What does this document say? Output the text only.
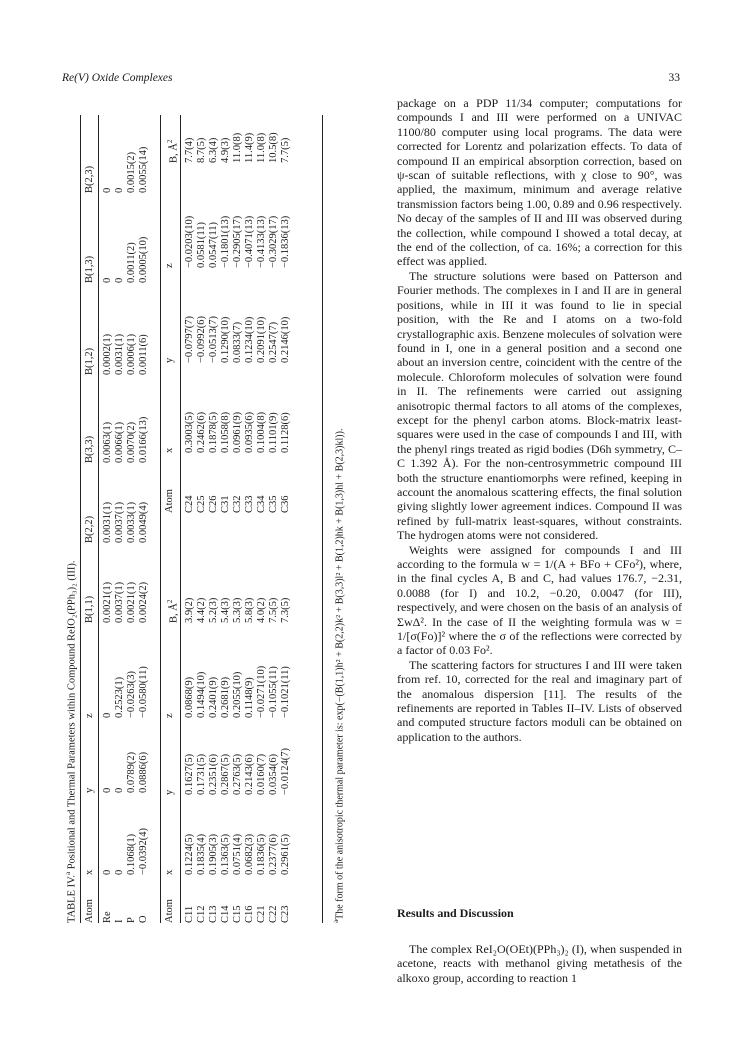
Re(V) Oxide Complexes	33
TABLE IV.$^a$ Positional and Thermal Parameters within Compound ReIO₂(PPh₃)₂ (III).
Atom
x
y
z
B(1,1)
B(2,2)
B(3,3)
B(1,2)
B(1,3)
B(2,3)
Re I P O
0 0 0.1068(1) −0.0392(4)
0 0 0.0789(2) 0.0886(6)
0 0.2523(1) −0.0263(3) −0.0580(11)
0.0021(1) 0.0037(1) 0.0021(1) 0.0024(2)
0.0031(1) 0.0037(1) 0.0033(1) 0.0049(4)
0.0063(1) 0.0066(1) 0.0070(2) 0.0166(13)
0.0002(1) 0.0031(1) 0.0006(1) 0.0011(6)
0 0 0.0011(2) 0.0005(10)
0 0 0.0015(2) 0.0055(14)
Atom
x
y
z
B, $Å^2$
Atom
x
y
z
B, $Å^2$
C11 C12 C13 C14 C15 C16 C21 C22 C23
0.1224(5) 0.1835(4) 0.1905(3) 0.1363(5) 0.0751(4) 0.0682(3) 0.1836(5) 0.2377(6) 0.2961(5)
0.1627(5) 0.1731(5) 0.2351(6) 0.2867(5) 0.2763(5) 0.2143(6) 0.0160(7) 0.0354(6) −0.0124(7)
0.0868(9) 0.1494(10) 0.2401(9) 0.2681(9) 0.2055(10) 0.1148(9) −0.0271(10) −0.1055(11) −0.1021(11)
3.9(2) 4.4(2) 5.2(3) 5.4(3) 5.3(3) 5.8(3) 4.0(2) 7.5(5) 7.3(5)
C24 C25 C26 C31 C32 C33 C34 C35 C36
0.3003(5) 0.2462(6) 0.1878(5) 0.1058(8) 0.0961(9) 0.0935(6) 0.1004(8) 0.1101(9) 0.1128(6)
−0.0797(7) −0.0992(6) −0.0513(7) 0.1290(10) 0.0833(7) 0.1234(10) 0.2091(10) 0.2547(7) 0.2146(10)
−0.0203(10) 0.0581(11) 0.0547(11) −0.1801(13) −0.2905(17) −0.4071(13) −0.4133(13) −0.3029(17) −0.1836(13)
7.7(4) 8.7(5) 6.3(4) 4.9(3) 11.0(8) 11.4(9) 11.0(8) 10.5(8) 7.7(5)
$^a$The form of the anisotropic thermal parameter is: exp(−(B(1,1)h² + B(2,2)k² + B(3,3)l² + B(1,2)hk + B(1,3)hl + B(2,3)kl)).

package on a PDP 11/34 computer; computations for compounds I and III were performed on a UNIVAC 1100/80 computer using local programs. The data were corrected for Lorentz and polarization effects. To data of compound II an empirical absorption correction, based on ψ-scan of suitable reflections, with χ close to 90°, was applied, the maximum, minimum and average relative transmission factors being 1.00, 0.89 and 0.96 respectively. No decay of the samples of II and III was observed during the collection, while compound I showed a total decay, at the end of the collection, of ca. 16%; a correction for this effect was applied.

The structure solutions were based on Patterson and Fourier methods. The complexes in I and II are in general positions, while in III it was found to lie in special position, with the Re and I atoms on a two-fold crystallographic axis. Benzene molecules of solvation were found in I, one in a general position and a second one about an inversion centre, coincident with the centre of the molecule. Chloroform molecules of solvation were found in II. The refinements were carried out assigning anisotropic thermal factors to all atoms of the complexes, except for the phenyl carbon atoms. Block-matrix least-squares were used in the case of compounds I and III, with the phenyl rings treated as rigid bodies (D6h symmetry, C–C 1.392 Å). For the non-centrosymmetric compound III both the structure enantiomorphs were refined, keeping in account the anomalous scattering effects, the final solution giving slightly lower agreement indices. Compound II was refined by full-matrix least-squares, without constraints. The hydrogen atoms were not considered.

Weights were assigned for compounds I and III according to the formula w = 1/(A + BFo + CFo²), where, in the final cycles A, B and C, had values 176.7, −2.31, 0.0088 (for I) and 10.2, −0.20, 0.0047 (for III), respectively, and were chosen on the basis of an analysis of ΣwΔ². In the case of II the weighting formula was w = 1/[σ(Fo)]² where the σ of the reflections were corrected by a factor of 0.03 Fo².

The scattering factors for structures I and III were taken from ref. 10, corrected for the real and imaginary part of the anomalous dispersion [11]. The results of the refinements are reported in Tables II–IV. Lists of observed and computed structure factors moduli can be obtained on application to the authors.

Results and Discussion

The complex ReI₂O(OEt)(PPh₃)₂ (I), when suspended in acetone, reacts with methanol giving metathesis of the alkoxo group, according to reaction 1
